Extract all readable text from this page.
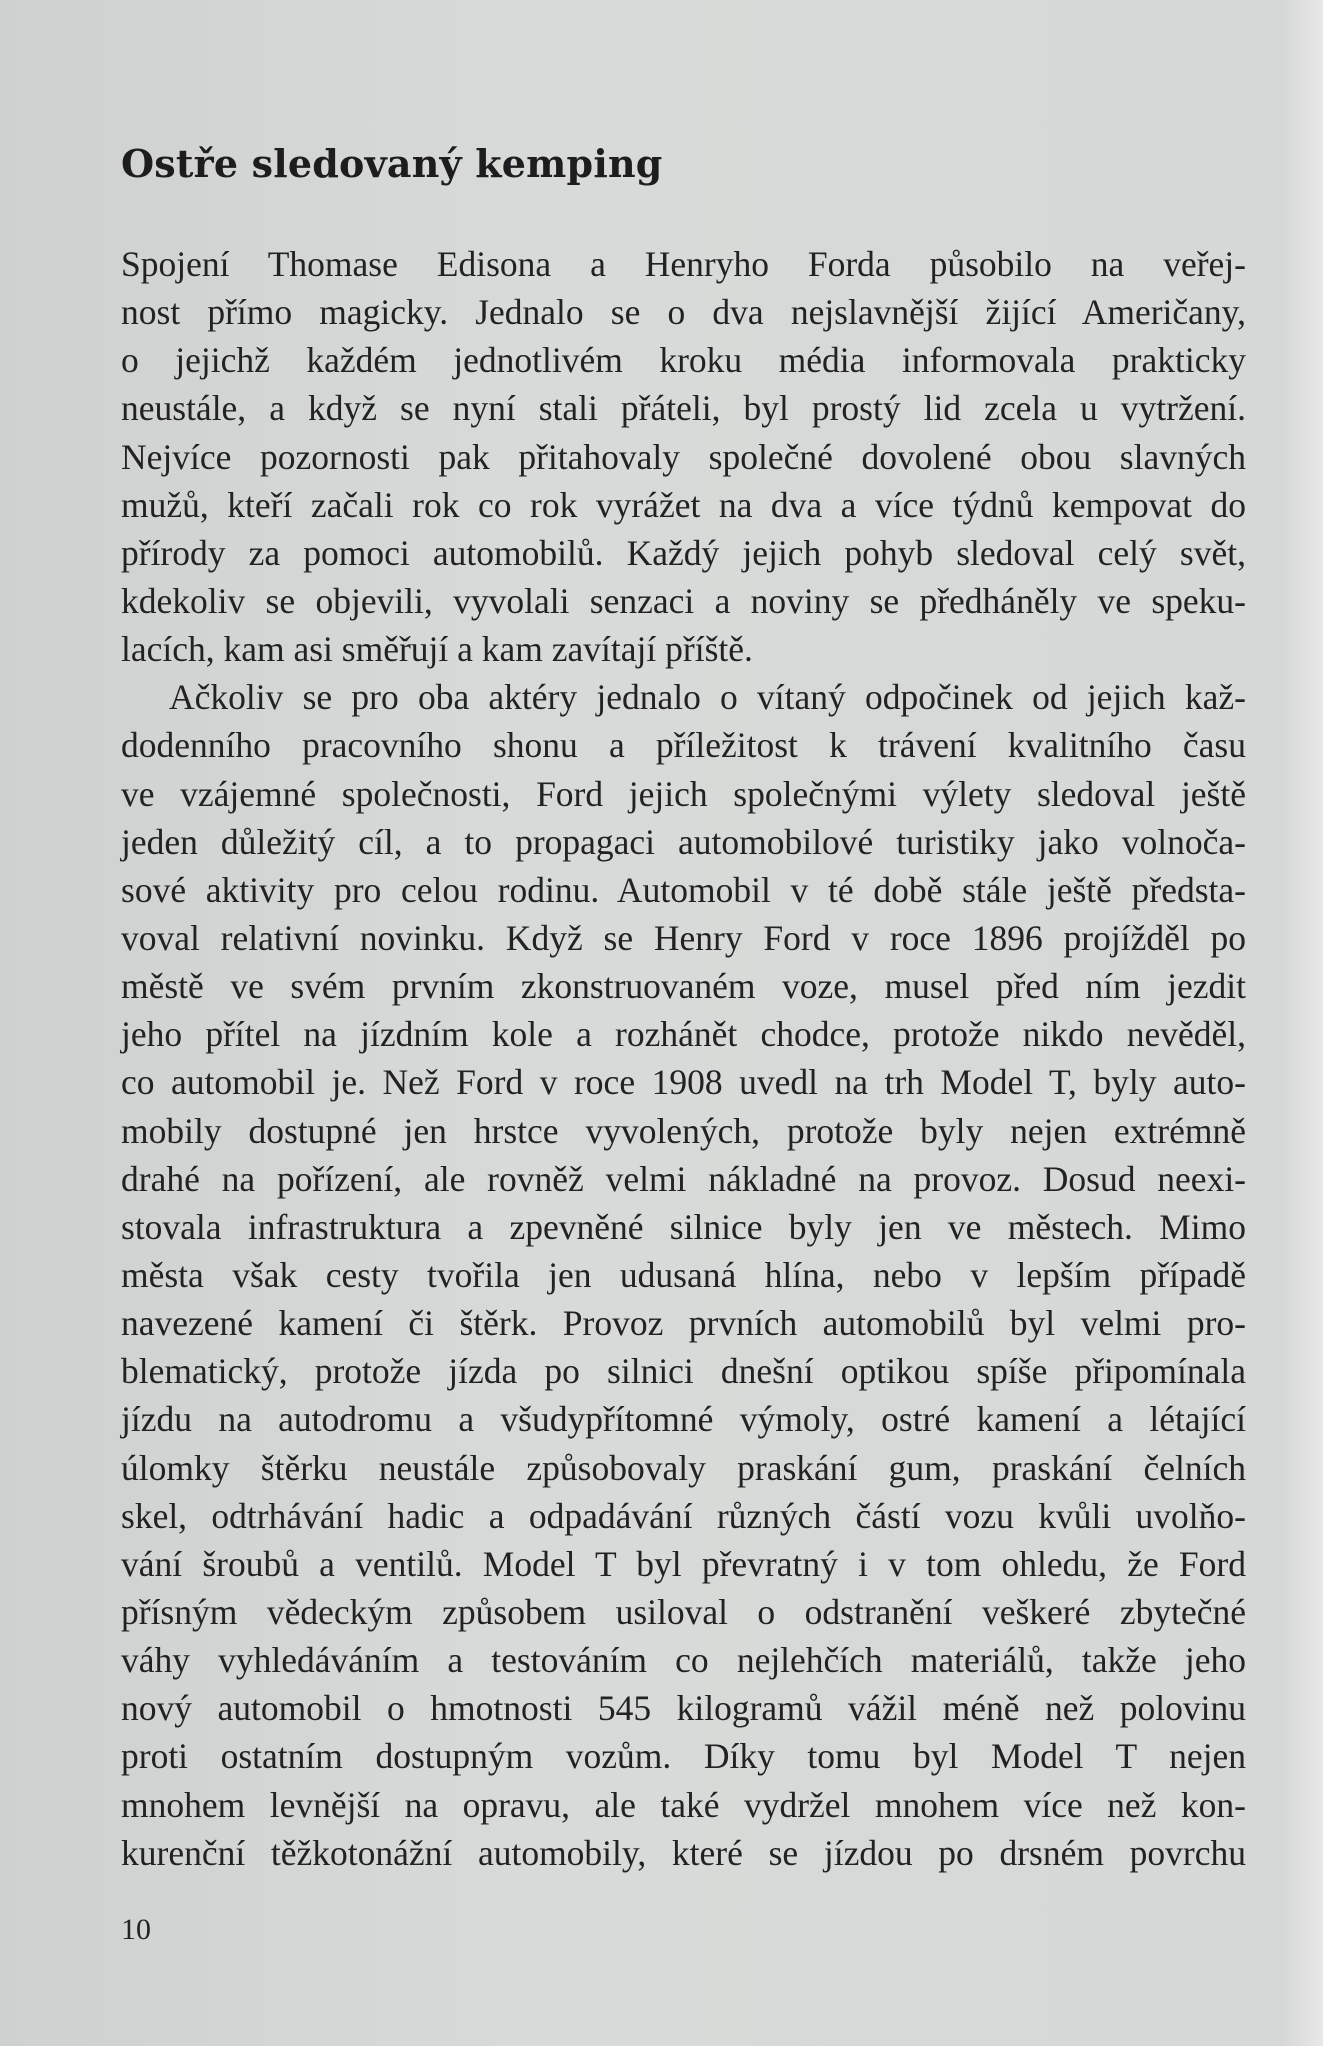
Ostře sledovaný kemping
Spojení Thomase Edisona a Henryho Forda působilo na veřej-
nost přímo magicky. Jednalo se o dva nejslavnější žijící Američany,
o jejichž každém jednotlivém kroku média informovala prakticky
neustále, a když se nyní stali přáteli, byl prostý lid zcela u vytržení.
Nejvíce pozornosti pak přitahovaly společné dovolené obou slavných
mužů, kteří začali rok co rok vyrážet na dva a více týdnů kempovat do
přírody za pomoci automobilů. Každý jejich pohyb sledoval celý svět,
kdekoliv se objevili, vyvolali senzaci a noviny se předháněly ve speku-
lacích, kam asi směřují a kam zavítají příště.
Ačkoliv se pro oba aktéry jednalo o vítaný odpočinek od jejich kaž-
dodenního pracovního shonu a příležitost k trávení kvalitního času
ve vzájemné společnosti, Ford jejich společnými výlety sledoval ještě
jeden důležitý cíl, a to propagaci automobilové turistiky jako volnoča-
sové aktivity pro celou rodinu. Automobil v té době stále ještě předsta-
voval relativní novinku. Když se Henry Ford v roce 1896 projížděl po
městě ve svém prvním zkonstruovaném voze, musel před ním jezdit
jeho přítel na jízdním kole a rozhánět chodce, protože nikdo nevěděl,
co automobil je. Než Ford v roce 1908 uvedl na trh Model T, byly auto-
mobily dostupné jen hrstce vyvolených, protože byly nejen extrémně
drahé na pořízení, ale rovněž velmi nákladné na provoz. Dosud neexi-
stovala infrastruktura a zpevněné silnice byly jen ve městech. Mimo
města však cesty tvořila jen udusaná hlína, nebo v lepším případě
navezené kamení či štěrk. Provoz prvních automobilů byl velmi pro-
blematický, protože jízda po silnici dnešní optikou spíše připomínala
jízdu na autodromu a všudypřítomné výmoly, ostré kamení a létající
úlomky štěrku neustále způsobovaly praskání gum, praskání čelních
skel, odtrhávání hadic a odpadávání různých částí vozu kvůli uvolňo-
vání šroubů a ventilů. Model T byl převratný i v tom ohledu, že Ford
přísným vědeckým způsobem usiloval o odstranění veškeré zbytečné
váhy vyhledáváním a testováním co nejlehčích materiálů, takže jeho
nový automobil o hmotnosti 545 kilogramů vážil méně než polovinu
proti ostatním dostupným vozům. Díky tomu byl Model T nejen
mnohem levnější na opravu, ale také vydržel mnohem více než kon-
kurenční těžkotonážní automobily, které se jízdou po drsném povrchu
10
